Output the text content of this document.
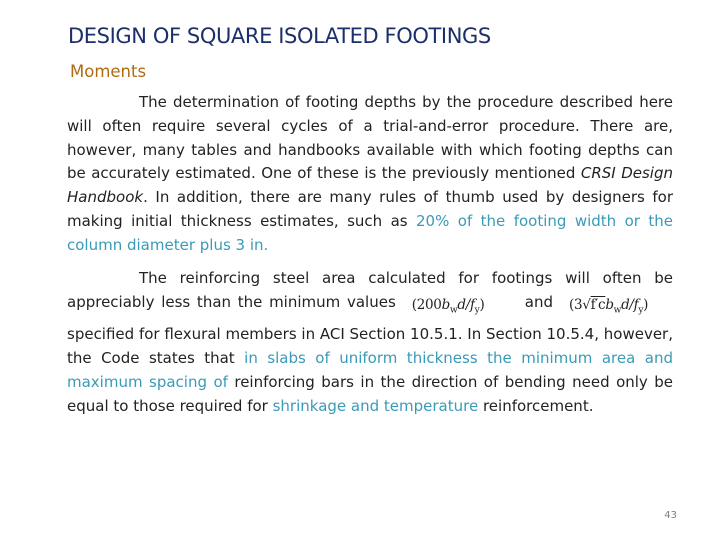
DESIGN OF SQUARE ISOLATED FOOTINGS
Moments
The determination of footing depths by the procedure described here will often require several cycles of a trial-and-error procedure. There are, however, many tables and handbooks available with which footing depths can be accurately estimated. One of these is the previously mentioned CRSI Design Handbook. In addition, there are many rules of thumb used by designers for making initial thickness estimates, such as 20% of the footing width or the column diameter plus 3 in.
The reinforcing steel area calculated for footings will often be appreciably less than the minimum values $(200b_wd/f_y)$	and $(3√f'cb_wd/f_y)$ specified for flexural members in ACI Section 10.5.1. In Section 10.5.4, however, the Code states that in slabs of uniform thickness the minimum area and maximum spacing of reinforcing bars in the direction of bending need only be equal to those required for shrinkage and temperature reinforcement.
43
